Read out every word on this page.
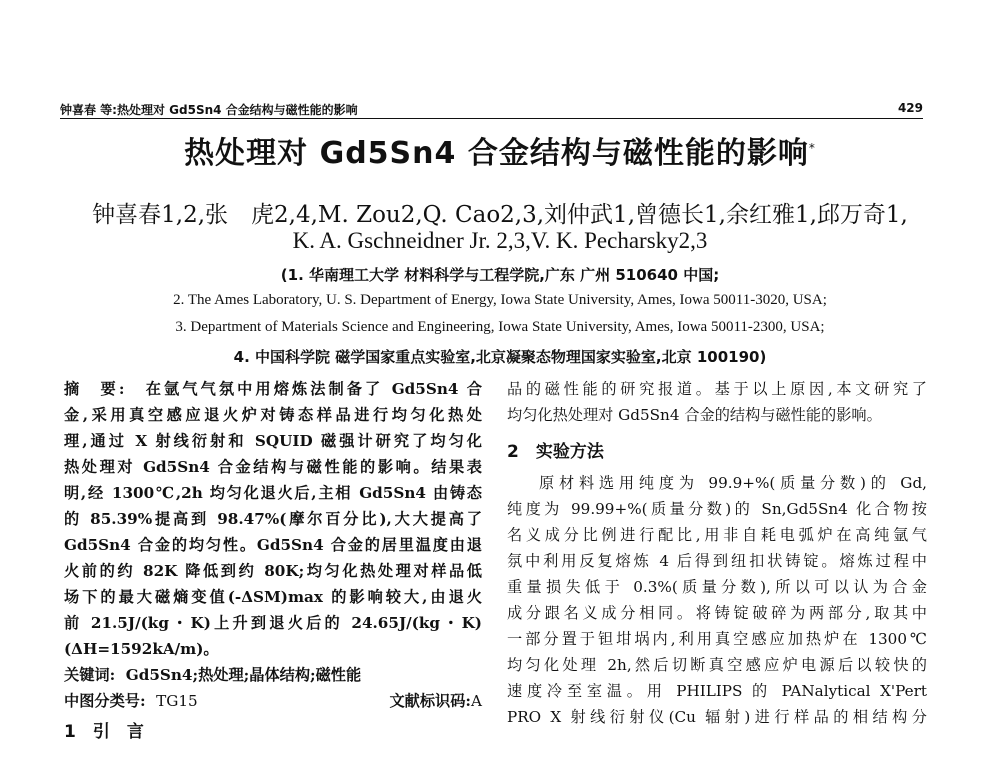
钟喜春 等:热处理对 Gd5Sn4 合金结构与磁性能的影响	429
热处理对 Gd5Sn4 合金结构与磁性能的影响*
钟喜春1,2,张　虎2,4,M. Zou2,Q. Cao2,3,刘仲武1,曾德长1,余红雅1,邱万奇1,
K. A. Gschneidner Jr. 2,3,V. K. Pecharsky2,3
(1. 华南理工大学 材料科学与工程学院,广东 广州 510640 中国;
2. The Ames Laboratory, U. S. Department of Energy, Iowa State University, Ames, Iowa 50011-3020, USA;
3. Department of Materials Science and Engineering, Iowa State University, Ames, Iowa 50011-2300, USA;
4. 中国科学院 磁学国家重点实验室,北京凝聚态物理国家实验室,北京 100190)
摘　要:　在氩气气氛中用熔炼法制备了 Gd5Sn4 合
金,采用真空感应退火炉对铸态样品进行均匀化热处
理,通过 X 射线衍射和 SQUID 磁强计研究了均匀化
热处理对 Gd5Sn4 合金结构与磁性能的影响。结果表
明,经 1300℃,2h 均匀化退火后,主相 Gd5Sn4 由铸态
的 85.39%提高到 98.47%(摩尔百分比),大大提高了
Gd5Sn4 合金的均匀性。Gd5Sn4 合金的居里温度由退
火前的约 82K 降低到约 80K;均匀化热处理对样品低
场下的最大磁熵变值(-ΔSM)max 的影响较大,由退火
前 21.5J/(kg・K)上升到退火后的 24.65J/(kg・K)
(ΔH=1592kA/m)。
关键词: Gd5Sn4;热处理;晶体结构;磁性能
中图分类号: TG15	文献标识码:A
1　引　言
品的磁性能的研究报道。基于以上原因,本文研究了
均匀化热处理对 Gd5Sn4 合金的结构与磁性能的影响。
2　实验方法
原材料选用纯度为 99.9+%(质量分数)的 Gd,
纯度为 99.99+%(质量分数)的 Sn,Gd5Sn4 化合物按
名义成分比例进行配比,用非自耗电弧炉在高纯氩气
氛中利用反复熔炼 4 后得到纽扣状铸锭。熔炼过程中
重量损失低于 0.3%(质量分数),所以可以认为合金
成分跟名义成分相同。将铸锭破碎为两部分,取其中
一部分置于钽坩埚内,利用真空感应加热炉在 1300℃
均匀化处理 2h,然后切断真空感应炉电源后以较快的
速度冷至室温。用 PHILIPS 的 PANalytical X'Pert
PRO X 射线衍射仪(Cu 辐射)进行样品的相结构分
